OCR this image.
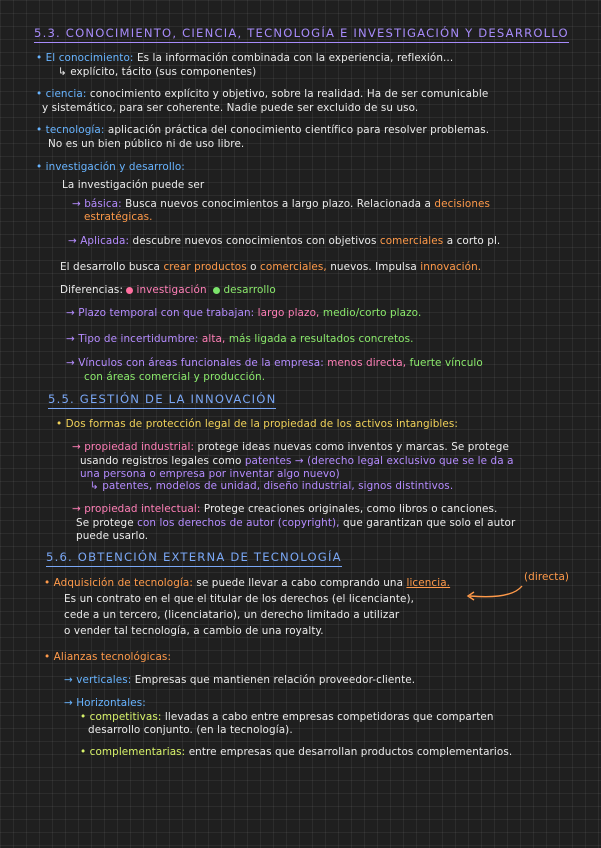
5.3. CONOCIMIENTO, CIENCIA, TECNOLOGÍA E INVESTIGACIÓN Y DESARROLLO
• El conocimiento: Es la información combinada con la experiencia, reflexión...
↳ explícito, tácito (sus componentes)
• ciencia: conocimiento explícito y objetivo, sobre la realidad. Ha de ser comunicable
y sistemático, para ser coherente. Nadie puede ser excluido de su uso.
• tecnología: aplicación práctica del conocimiento científico para resolver problemas.
No es un bien público ni de uso libre.
• investigación y desarrollo:
La investigación puede ser
→ básica: Busca nuevos conocimientos a largo plazo. Relacionada a decisiones
estratégicas.
→ Aplicada: descubre nuevos conocimientos con objetivos comerciales a corto pl.
El desarrollo busca crear productos o comerciales, nuevos. Impulsa innovación.
Diferencias: investigación desarrollo
→ Plazo temporal con que trabajan: largo plazo, medio/corto plazo.
→ Tipo de incertidumbre: alta, más ligada a resultados concretos.
→ Vínculos con áreas funcionales de la empresa: menos directa, fuerte vínculo
con áreas comercial y producción.
5.5. GESTIÓN DE LA INNOVACIÓN
• Dos formas de protección legal de la propiedad de los activos intangibles:
→ propiedad industrial: protege ideas nuevas como inventos y marcas. Se protege
usando registros legales como patentes → (derecho legal exclusivo que se le da a
una persona o empresa por inventar algo nuevo)
↳ patentes, modelos de unidad, diseño industrial, signos distintivos.
→ propiedad intelectual: Protege creaciones originales, como libros o canciones.
Se protege con los derechos de autor (copyright), que garantizan que solo el autor
puede usarlo.
5.6. OBTENCIÓN EXTERNA DE TECNOLOGÍA
• Adquisición de tecnología: se puede llevar a cabo comprando una licencia.	(directa)
Es un contrato en el que el titular de los derechos (el licenciante),
cede a un tercero, (licenciatario), un derecho limitado a utilizar
o vender tal tecnología, a cambio de una royalty.
• Alianzas tecnológicas:
→ verticales: Empresas que mantienen relación proveedor-cliente.
→ Horizontales:
• competitivas: llevadas a cabo entre empresas competidoras que comparten
desarrollo conjunto. (en la tecnología).
• complementarias: entre empresas que desarrollan productos complementarios.
